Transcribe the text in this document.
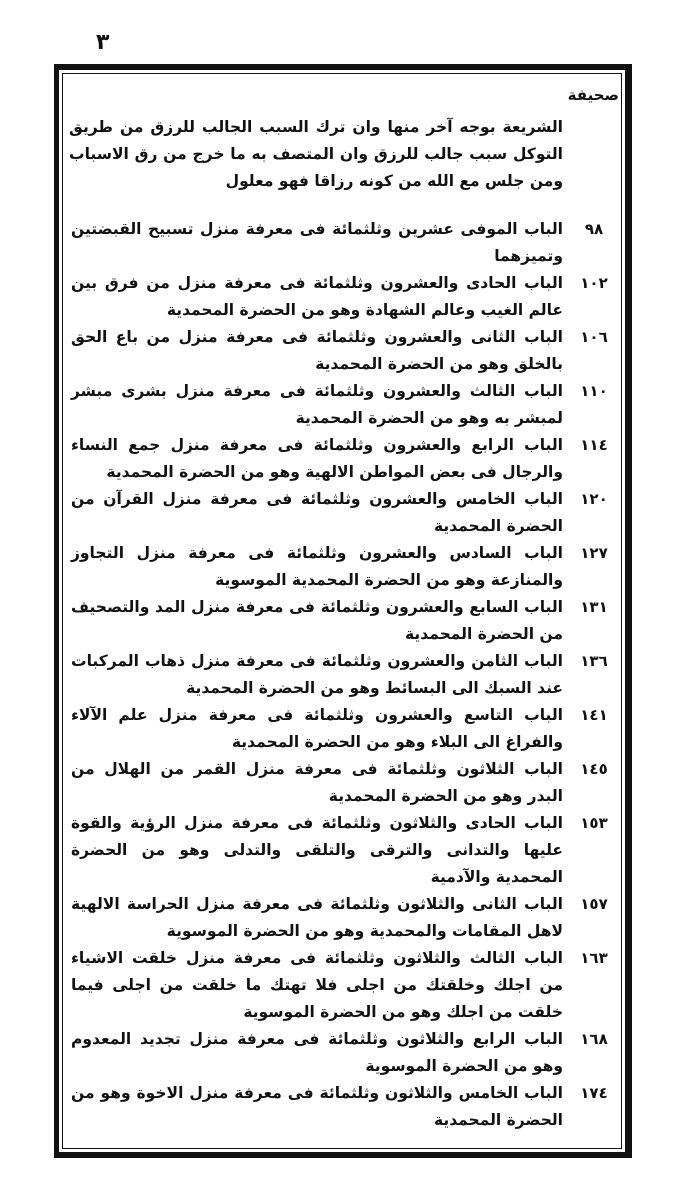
٣
صحيفة
الشريعة بوجه آخر منها وان ترك السبب الجالب للرزق من طريق التوكل سبب جالب للرزق وان المتصف به ما خرج من رق الاسباب ومن جلس مع الله من كونه رزاقا فهو معلول
٩٨
الباب الموفى عشرين وثلثمائة فى معرفة منزل تسبيح القبضتين وتميزهما
١٠٢
الباب الحادى والعشرون وثلثمائة فى معرفة منزل من فرق بين عالم الغيب وعالم الشهادة وهو من الحضرة المحمدية
١٠٦
الباب الثانى والعشرون وثلثمائة فى معرفة منزل من باع الحق بالخلق وهو من الحضرة المحمدية
١١٠
الباب الثالث والعشرون وثلثمائة فى معرفة منزل بشرى مبشر لمبشر به وهو من الحضرة المحمدية
١١٤
الباب الرابع والعشرون وثلثمائة فى معرفة منزل جمع النساء والرجال فى بعض المواطن الالهية وهو من الحضرة المحمدية
١٢٠
الباب الخامس والعشرون وثلثمائة فى معرفة منزل القرآن من الحضرة المحمدية
١٢٧
الباب السادس والعشرون وثلثمائة فى معرفة منزل التجاوز والمنازعة وهو من الحضرة المحمدية الموسوية
١٣١
الباب السابع والعشرون وثلثمائة فى معرفة منزل المد والتصحيف من الحضرة المحمدية
١٣٦
الباب الثامن والعشرون وثلثمائة فى معرفة منزل ذهاب المركبات عند السبك الى البسائط وهو من الحضرة المحمدية
١٤١
الباب التاسع والعشرون وثلثمائة فى معرفة منزل علم الآلاء والفراغ الى البلاء وهو من الحضرة المحمدية
١٤٥
الباب الثلاثون وثلثمائة فى معرفة منزل القمر من الهلال من البدر وهو من الحضرة المحمدية
١٥٣
الباب الحادى والثلاثون وثلثمائة فى معرفة منزل الرؤية والقوة عليها والتدانى والترقى والتلقى والتدلى وهو من الحضرة المحمدية والآدمية
١٥٧
الباب الثانى والثلاثون وثلثمائة فى معرفة منزل الحراسة الالهية لاهل المقامات والمحمدية وهو من الحضرة الموسوية
١٦٣
الباب الثالث والثلاثون وثلثمائة فى معرفة منزل خلقت الاشياء من اجلك وخلقتك من اجلى فلا تهتك ما خلقت من اجلى فيما خلقت من اجلك وهو من الحضرة الموسوية
١٦٨
الباب الرابع والثلاثون وثلثمائة فى معرفة منزل تجديد المعدوم وهو من الحضرة الموسوية
١٧٤
الباب الخامس والثلاثون وثلثمائة فى معرفة منزل الاخوة وهو من الحضرة المحمدية
